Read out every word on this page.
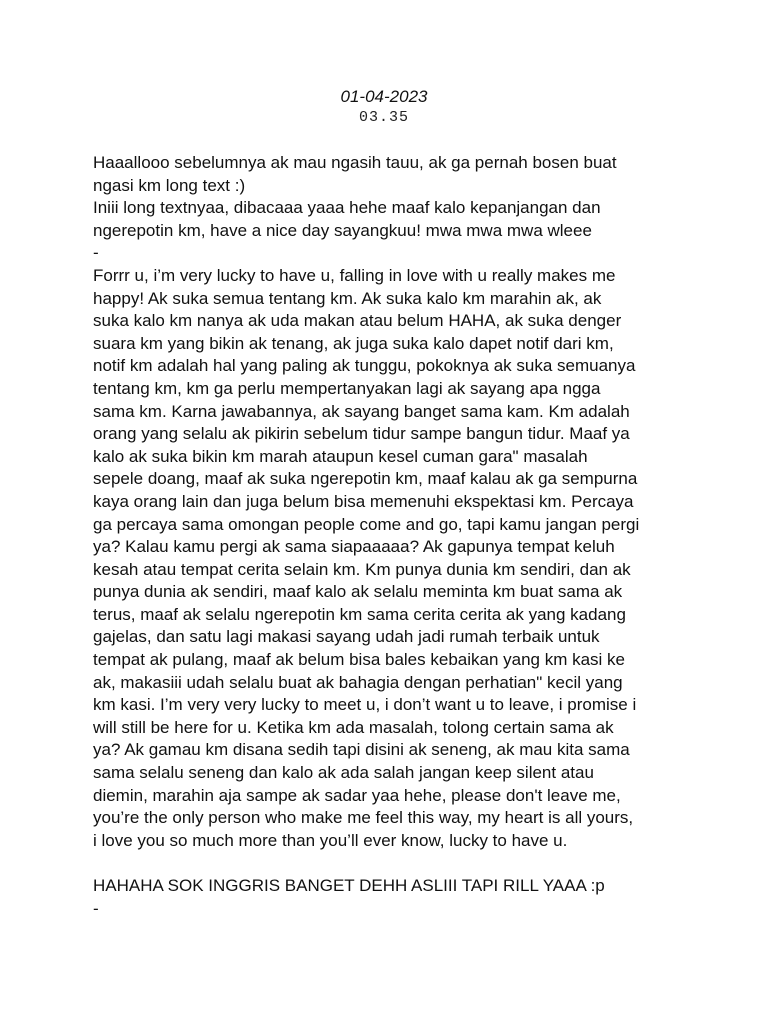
01-04-2023
03.35
Haaallooo sebelumnya ak mau ngasih tauu, ak ga pernah bosen buat
ngasi km long text :)
Iniii long textnyaa, dibacaaa yaaa hehe maaf kalo kepanjangan dan
ngerepotin km, have a nice day sayangkuu! mwa mwa mwa wleee
-
Forrr u, i’m very lucky to have u, falling in love with u really makes me
happy! Ak suka semua tentang km. Ak suka kalo km marahin ak, ak
suka kalo km nanya ak uda makan atau belum HAHA, ak suka denger
suara km yang bikin ak tenang, ak juga suka kalo dapet notif dari km,
notif km adalah hal yang paling ak tunggu, pokoknya ak suka semuanya
tentang km, km ga perlu mempertanyakan lagi ak sayang apa ngga
sama km. Karna jawabannya, ak sayang banget sama kam. Km adalah
orang yang selalu ak pikirin sebelum tidur sampe bangun tidur. Maaf ya
kalo ak suka bikin km marah ataupun kesel cuman gara" masalah
sepele doang, maaf ak suka ngerepotin km, maaf kalau ak ga sempurna
kaya orang lain dan juga belum bisa memenuhi ekspektasi km. Percaya
ga percaya sama omongan people come and go, tapi kamu jangan pergi
ya? Kalau kamu pergi ak sama siapaaaaa? Ak gapunya tempat keluh
kesah atau tempat cerita selain km. Km punya dunia km sendiri, dan ak
punya dunia ak sendiri, maaf kalo ak selalu meminta km buat sama ak
terus, maaf ak selalu ngerepotin km sama cerita cerita ak yang kadang
gajelas, dan satu lagi makasi sayang udah jadi rumah terbaik untuk
tempat ak pulang, maaf ak belum bisa bales kebaikan yang km kasi ke
ak, makasiii udah selalu buat ak bahagia dengan perhatian" kecil yang
km kasi. I’m very very lucky to meet u, i don’t want u to leave, i promise i
will still be here for u. Ketika km ada masalah, tolong certain sama ak
ya? Ak gamau km disana sedih tapi disini ak seneng, ak mau kita sama
sama selalu seneng dan kalo ak ada salah jangan keep silent atau
diemin, marahin aja sampe ak sadar yaa hehe, please don't leave me,
you’re the only person who make me feel this way, my heart is all yours,
i love you so much more than you’ll ever know, lucky to have u.
HAHAHA SOK INGGRIS BANGET DEHH ASLIII TAPI RILL YAAA :p
-
